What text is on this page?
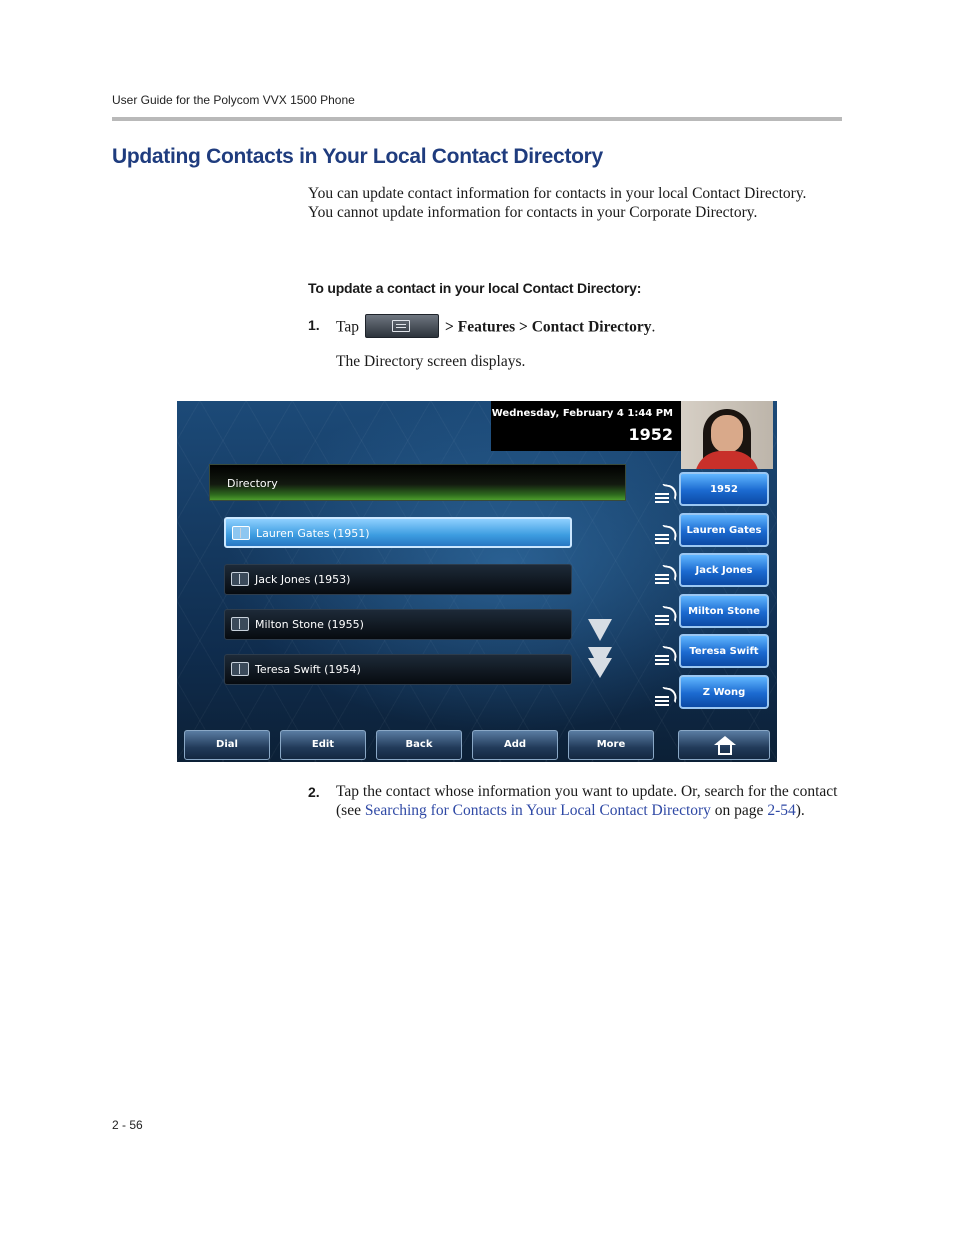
User Guide for the Polycom VVX 1500 Phone
Updating Contacts in Your Local Contact Directory

You can update contact information for contacts in your local Contact Directory. You cannot update information for contacts in your Corporate Directory.

To update a contact in your local Contact Directory:
1. Tap	> Features > Contact Directory.
The Directory screen displays.
Wednesday, February 4 1:44 PM
1952
Directory
Lauren Gates (1951)
Jack Jones (1953)
Milton Stone (1955)
Teresa Swift (1954)
1952
Lauren Gates
Jack Jones
Milton Stone
Teresa Swift
Z Wong
Dial	Edit	Back	Add	More
2. Tap the contact whose information you want to update. Or, search for the contact (see Searching for Contacts in Your Local Contact Directory on page 2-54).
2 - 56
